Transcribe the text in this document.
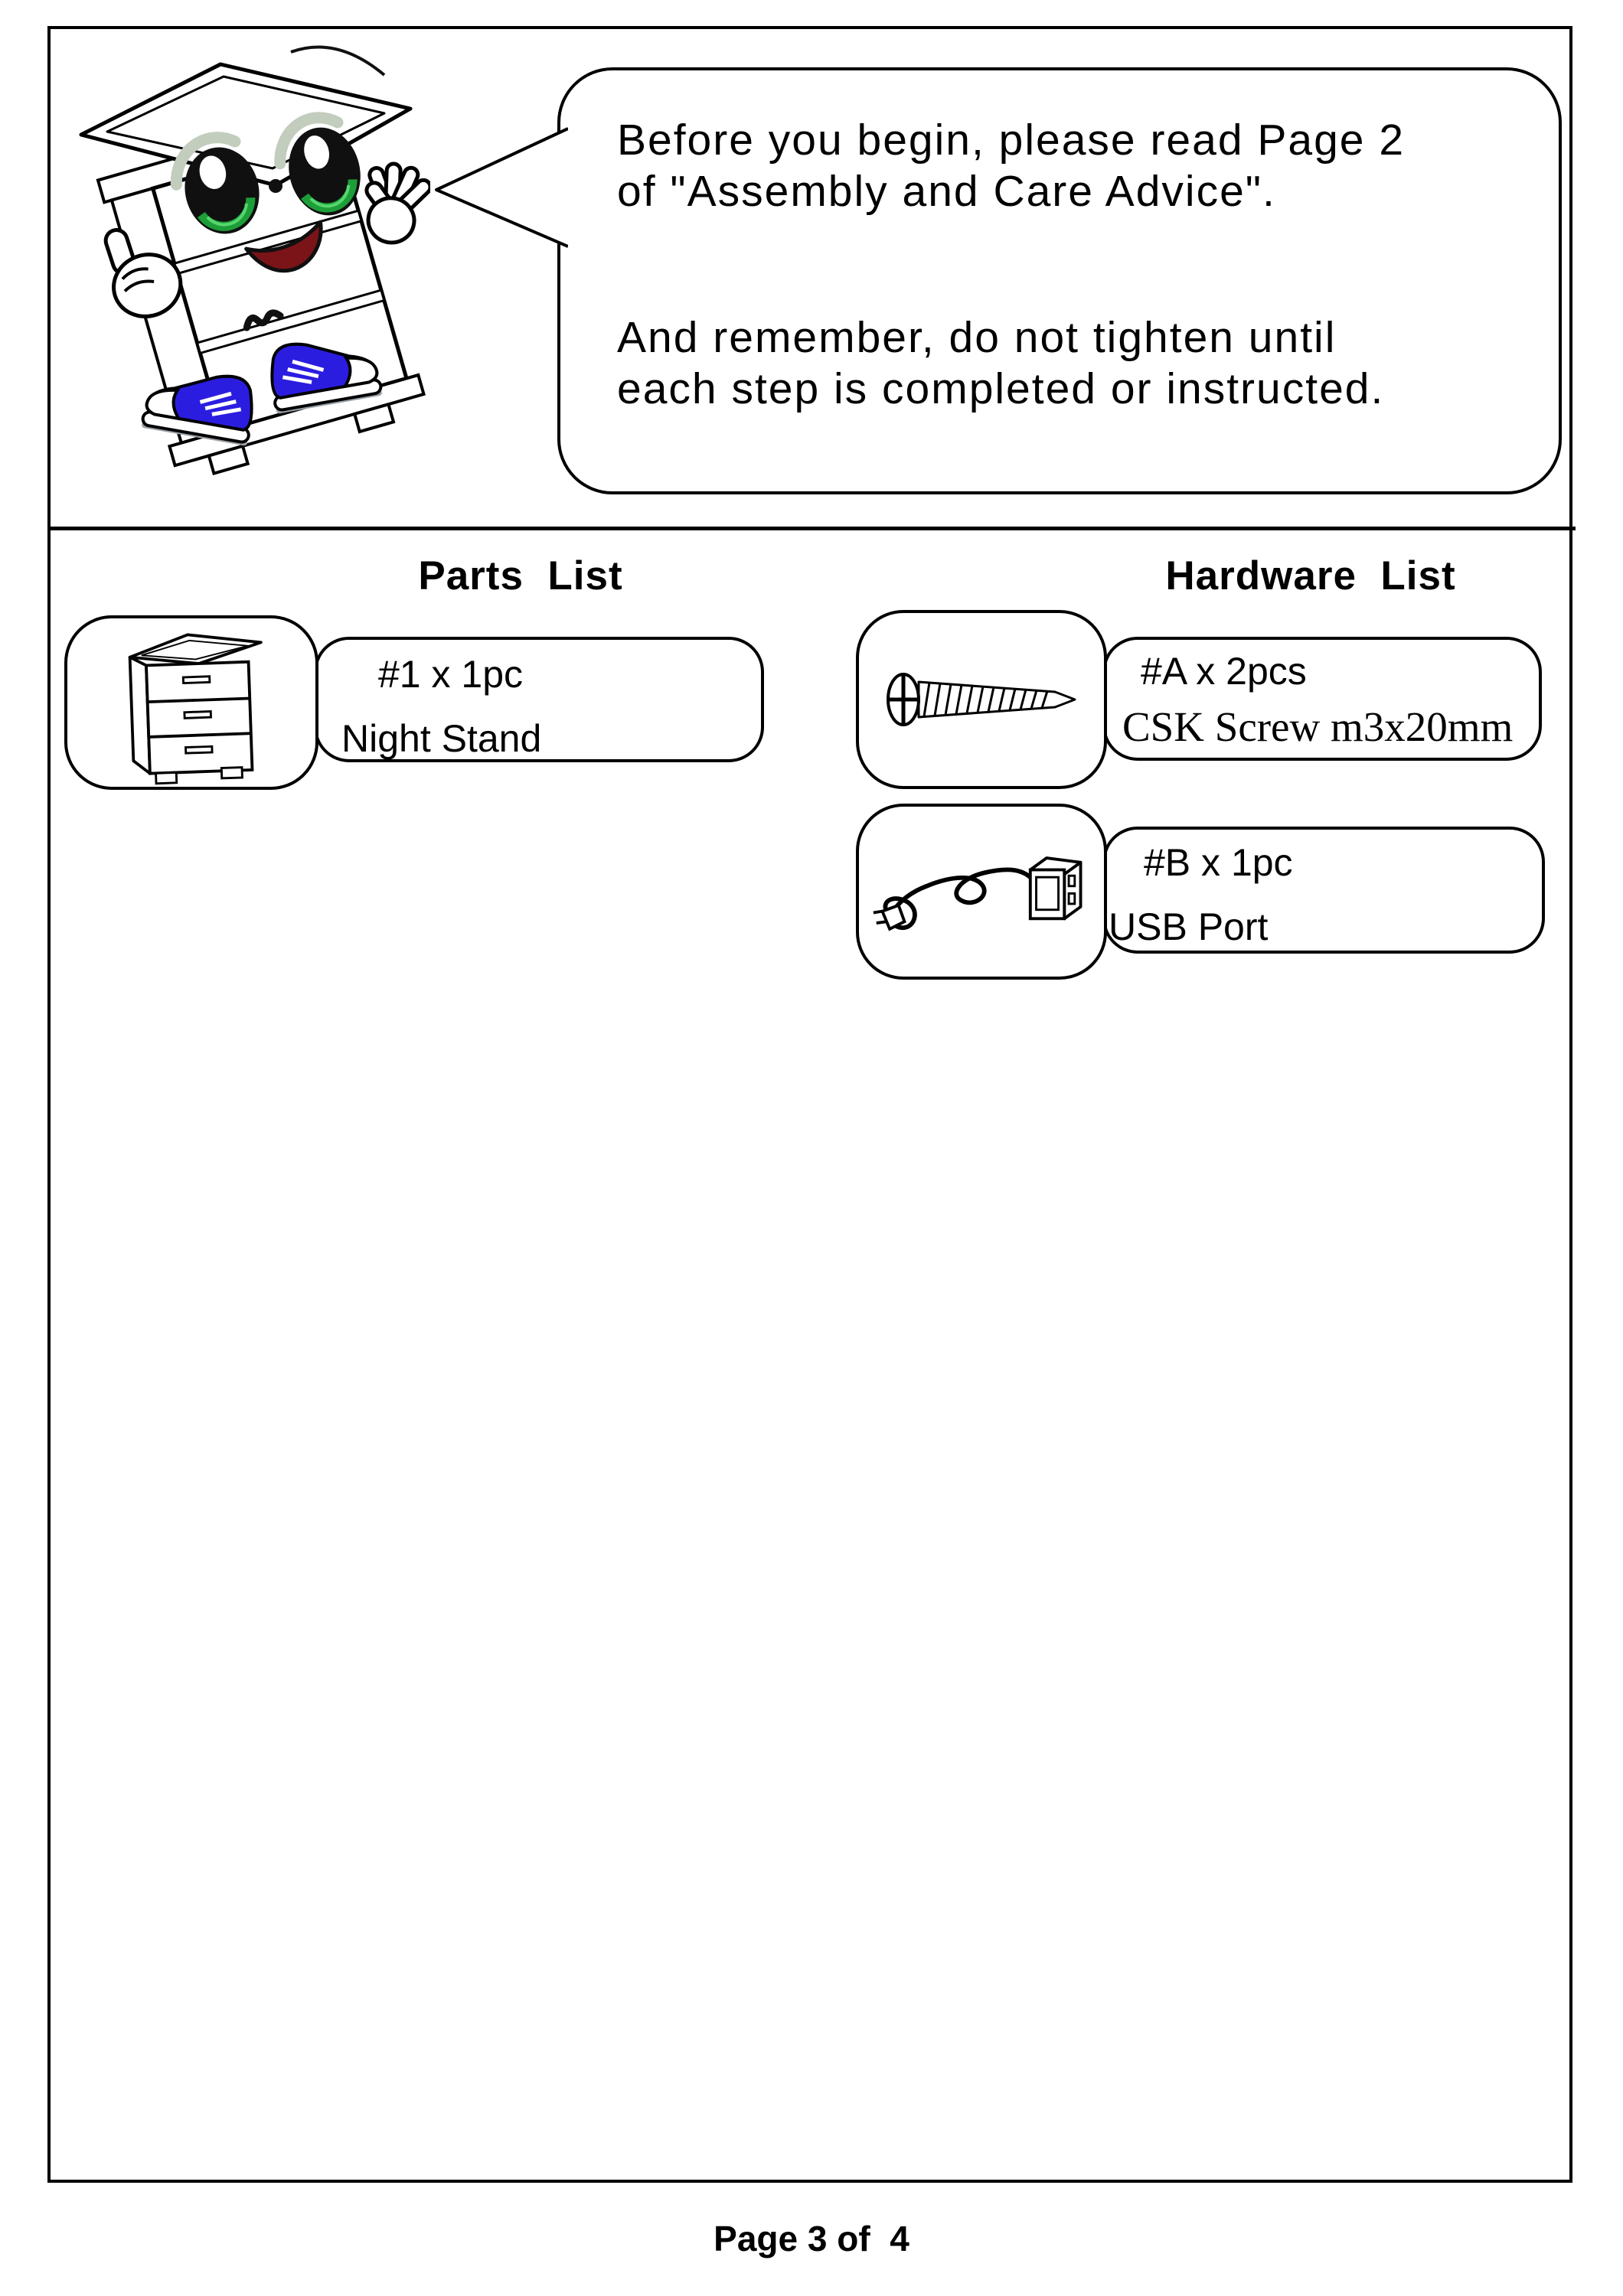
Before you begin, please read Page 2
of "Assembly and Care Advice".
And remember, do not tighten until
each step is completed or instructed.
Parts  List	Hardware  List
#1 x 1pc
Night Stand
#A x 2pcs
CSK Screw m3x20mm
#B x 1pc
USB Port
Page 3 of  4
